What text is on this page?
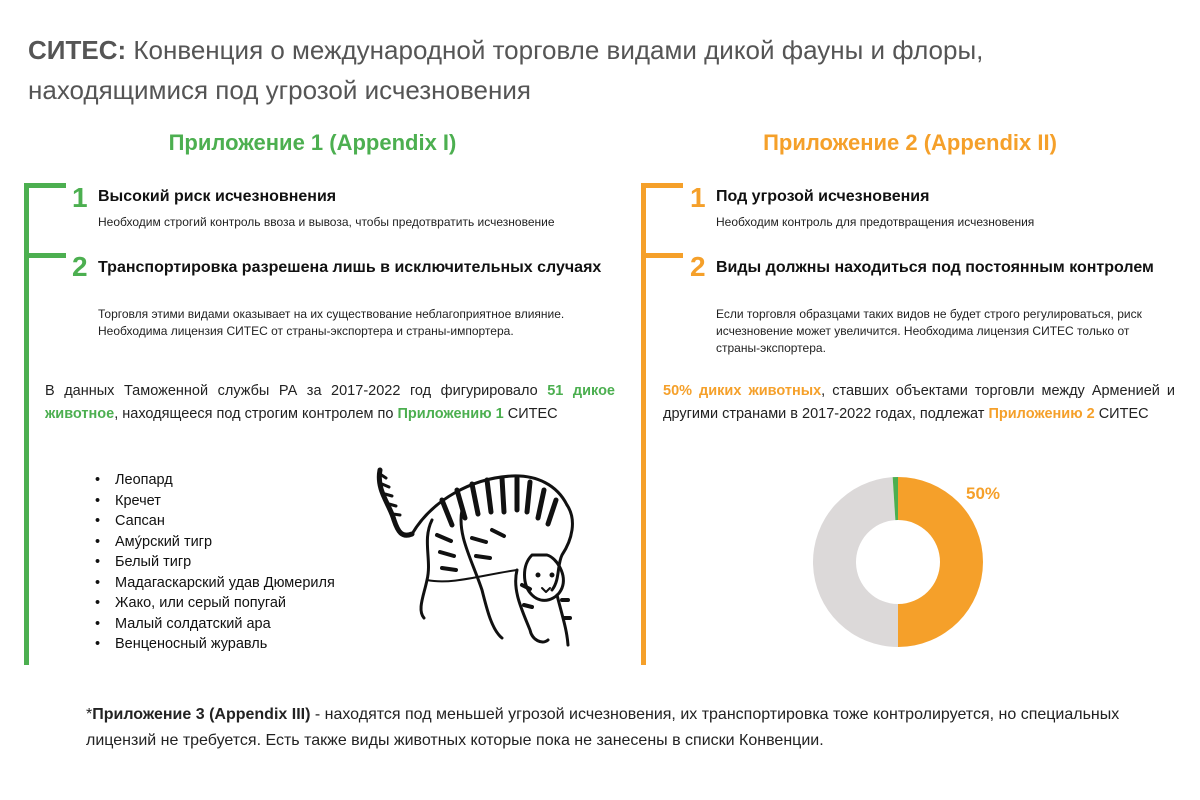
СИТЕС: Конвенция о международной торговле видами дикой фауны и флоры, находящимися под угрозой исчезновения
Приложение 1 (Appendix I)	Приложение 2 (Appendix II)
1 Высокий риск исчезновнения
Необходим строгий контроль ввоза и вывоза, чтобы предотвратить исчезновение
2 Транспортировка разрешена лишь в исключительных случаях
Торговля этими видами оказывает на их существование неблагоприятное влияние. Необходима лицензия СИТЕС от страны-экспортера и страны-импортера.
1 Под угрозой исчезновения
Необходим контроль для предотвращения исчезновения
2 Виды должны находиться под постоянным контролем
Если торговля образцами таких видов не будет строго регулироваться, риск исчезновение может увеличится. Необходима лицензия СИТЕС только от страны-экспортера.
В данных Таможенной службы РА за 2017-2022 год фигурировало 51 дикое животное, находящееся под строгим контролем по Приложению 1 СИТЕС
50% диких животных, ставших объектами торговли между Арменией и другими странами в 2017-2022 годах, подлежат Приложению 2 СИТЕС
• Леопард
• Кречет
• Сапсан
• Аму́рский тигр
• Белый тигр
• Мадагаскарский удав Дюмериля
• Жако, или серый попугай
• Малый солдатский ара
• Венценосный журавль
50%
*Приложение 3 (Appendix III) - находятся под меньшей угрозой исчезновения, их транспортировка тоже контролируется, но специальных лицензий не требуется. Есть также виды животных которые пока не занесены в списки Конвенции.
